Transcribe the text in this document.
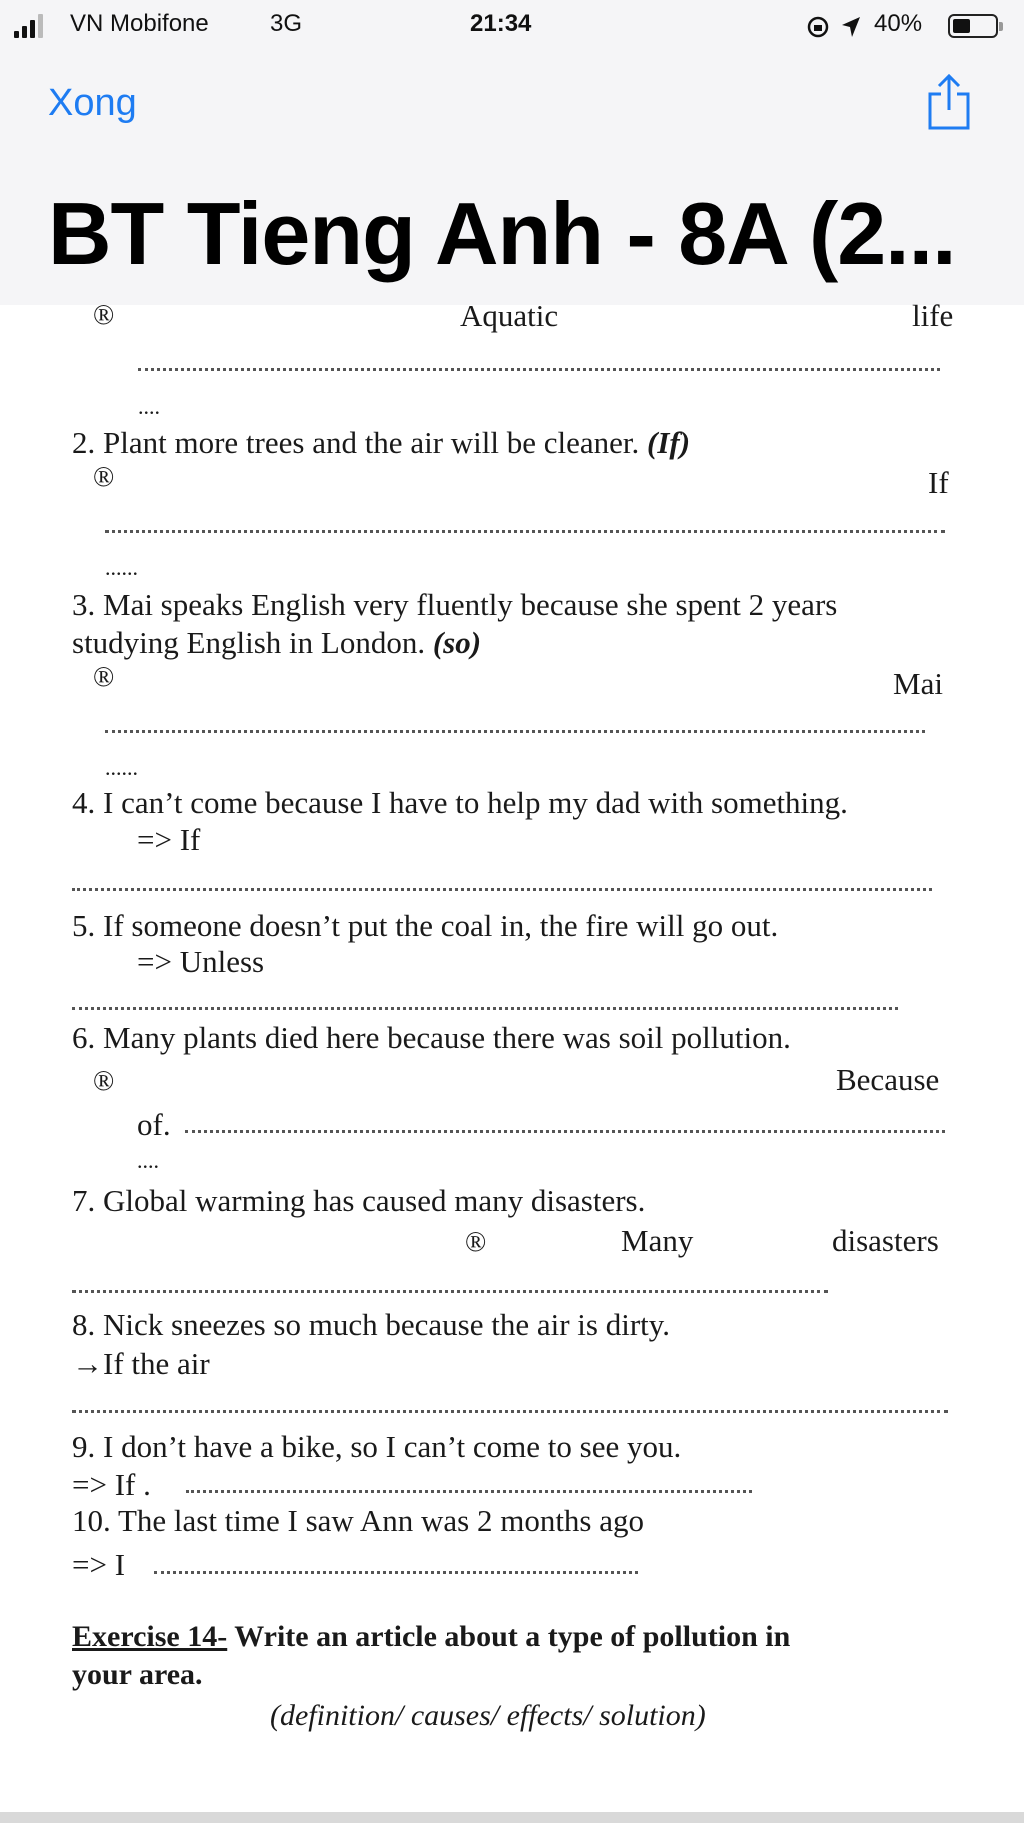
VN Mobifone	3G	21:34	40%
Xong
BT Tieng Anh - 8A (2...
®	Aquatic	life
....
2. Plant more trees and the air will be cleaner. (If)
®	If
......
3. Mai speaks English very fluently because she spent 2 years
studying English in London. (so)
®	Mai
......
4. I can’t come because I have to help my dad with something.
=> If
5. If someone doesn’t put the coal in, the fire will go out.
=> Unless
6. Many plants died here because there was soil pollution.
®	Because
of.
....
7. Global warming has caused many disasters.
®	Many	disasters
8. Nick sneezes so much because the air is dirty.
→If the air
9. I don’t have a bike, so I can’t come to see you.
=> If .
10. The last time I saw Ann was 2 months ago
=> I
Exercise 14- Write an article about a type of pollution in
your area.
(definition/ causes/ effects/ solution)
